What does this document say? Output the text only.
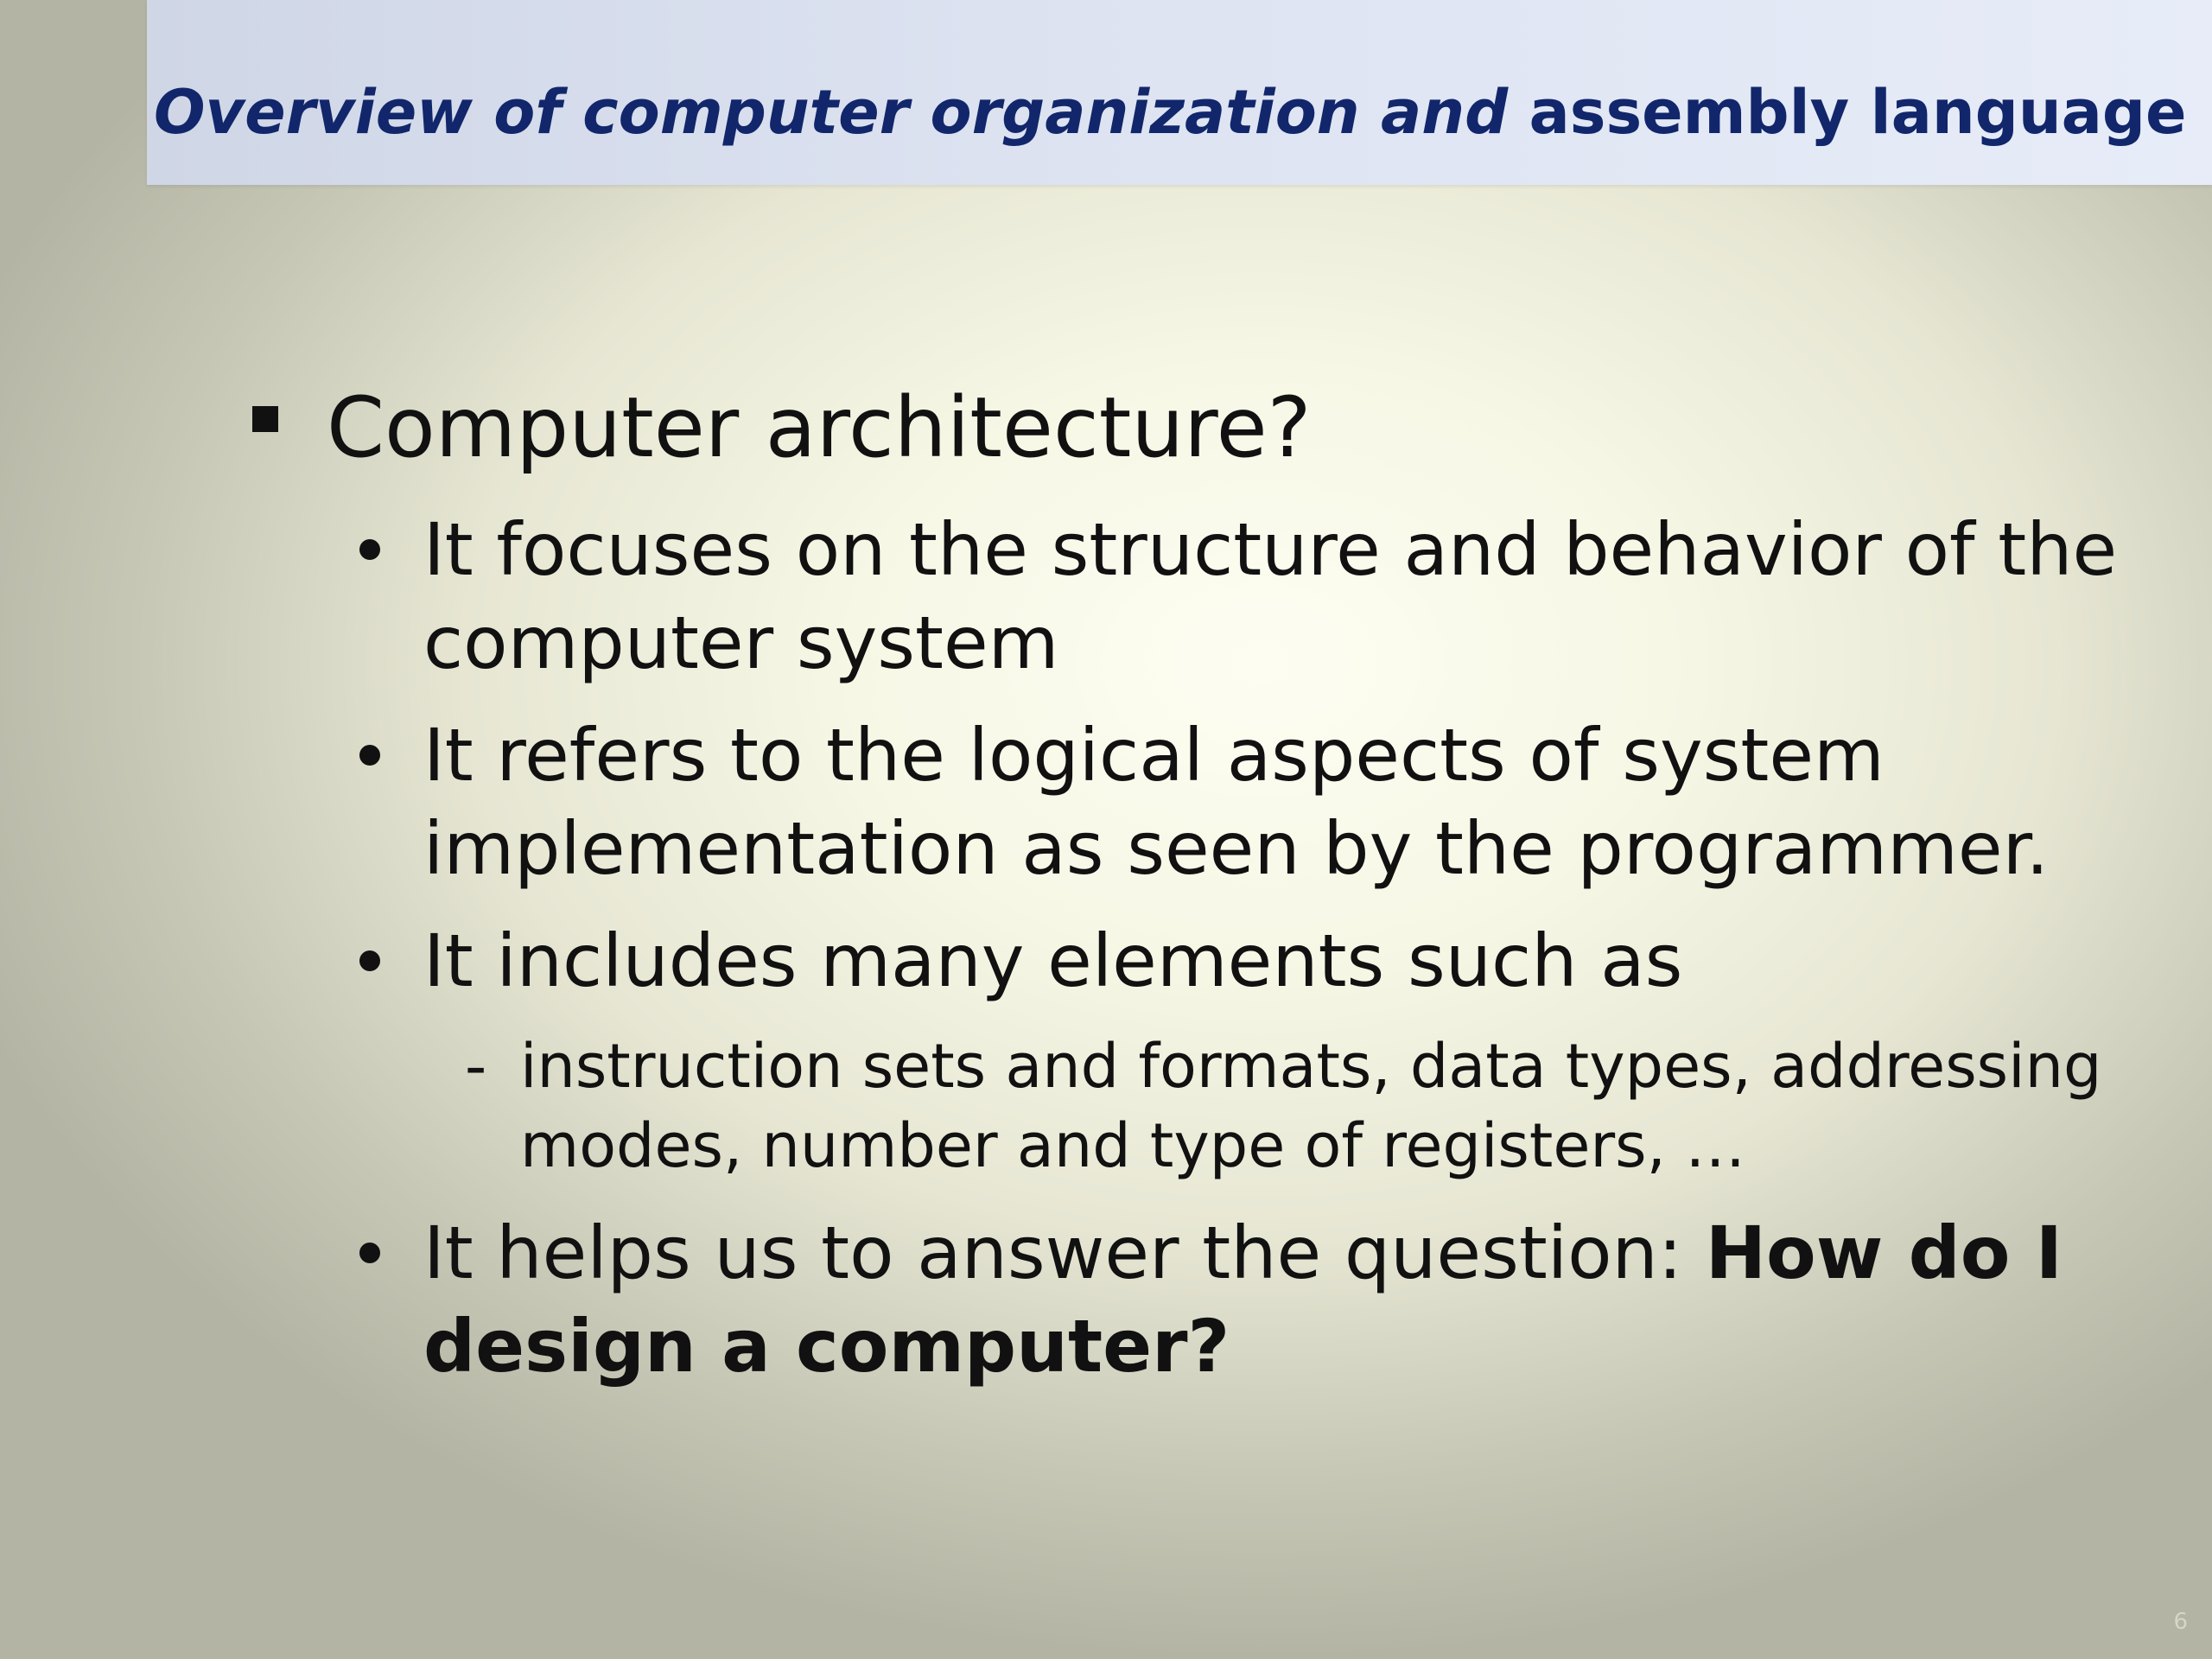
Overview of computer organization and assembly language
Computer architecture?
It focuses on the structure and behavior of the
computer system
It refers to the logical aspects of system
implementation as seen by the programmer.
It includes many elements such as
- instruction sets and formats, data types, addressing
modes, number and type of registers, …
It helps us to answer the question: How do I
design a computer?
6
